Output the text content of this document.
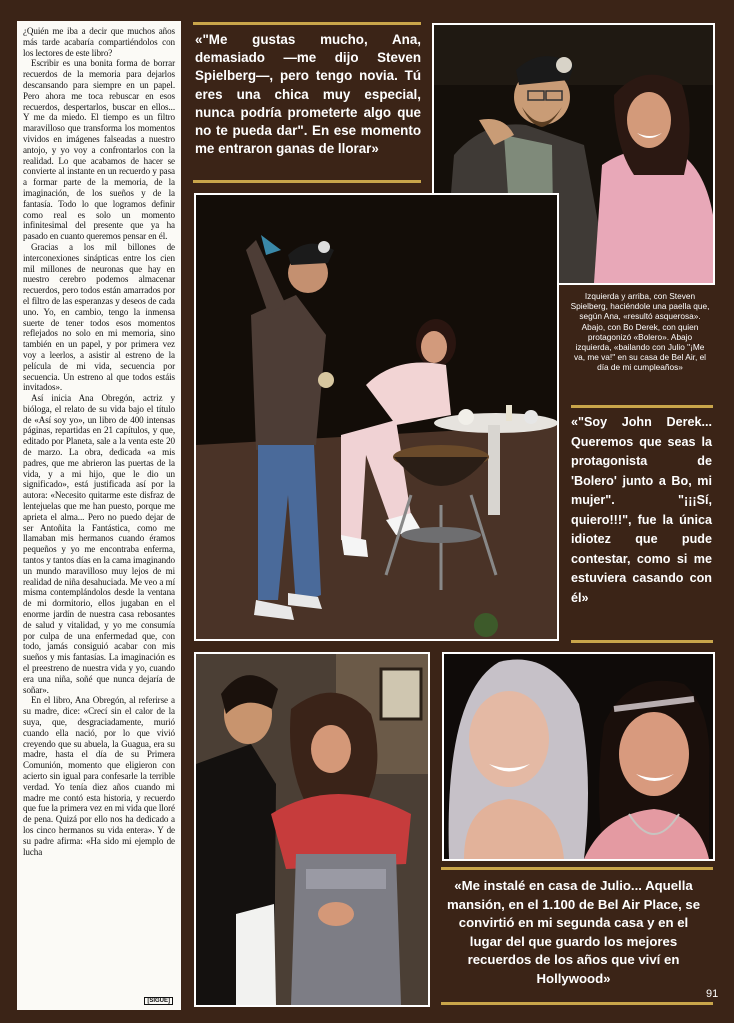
¿Quién me iba a decir que muchos años más tarde acabaría compartiéndolos con los lectores de este libro?

Escribir es una bonita forma de borrar recuerdos de la memoria para dejarlos descansando para siempre en un papel. Pero ahora me toca rebuscar en esos recuerdos, despertarlos, buscar en ellos... Y me da miedo. El tiempo es un filtro maravilloso que transforma los momentos vividos en imágenes falseadas a nuestro antojo, y yo voy a confrontarlos con la realidad. Lo que acabamos de hacer se convierte al instante en un recuerdo y pasa a formar parte de la memoria, de la imaginación, de los sueños y de la fantasía. Todo lo que logramos definir como real es solo un momento infinitesimal del presente que ya ha pasado en cuanto queremos pensar en él.

Gracias a los mil billones de interconexiones sinápticas entre los cien mil millones de neuronas que hay en nuestro cerebro podemos almacenar recuerdos, pero todos están amarrados por el filtro de las esperanzas y deseos de cada uno. Yo, en cambio, tengo la inmensa suerte de tener todos esos momentos reflejados no solo en mi memoria, sino también en un papel, y por primera vez voy a leerlos, a asistir al estreno de la película de mi vida, secuencia por secuencia. Un estreno al que todos estáis invitados».

Así inicia Ana Obregón, actriz y bióloga, el relato de su vida bajo el título de «Así soy yo», un libro de 400 intensas páginas, repartidas en 21 capítulos, y que, editado por Planeta, sale a la venta este 20 de marzo. La obra, dedicada «a mis padres, que me abrieron las puertas de la vida, y a mi hijo, que le dio un significado», está justificada así por la autora: «Necesito quitarme este disfraz de lentejuelas que me han puesto, porque me aprieta el alma... Pero no puedo dejar de ser Antoñita la Fantástica, como me llamaban mis hermanos cuando éramos pequeños y yo me encontraba enferma, tantos y tantos días en la cama imaginando un mundo maravilloso muy lejos de mi realidad de niña desahuciada. Me veo a mí misma contemplándolos desde la ventana de mi dormitorio, ellos jugaban en el enorme jardín de nuestra casa rebosantes de salud y vitalidad, y yo me consumía por culpa de una enfermedad que, con todo, jamás consiguió acabar con mis sueños y mis fantasías. La imaginación es el preestreno de nuestra vida y yo, cuando era una niña, soñé que nunca dejaría de soñar».

En el libro, Ana Obregón, al referirse a su madre, dice: «Crecí sin el calor de la suya, que, desgraciadamente, murió cuando ella nació, por lo que vivió creyendo que su abuela, la Guagua, era su madre, hasta el día de su Primera Comunión, momento que eligieron con acierto sin igual para confesarle la terrible verdad. Yo tenía diez años cuando mi madre me contó esta historia, y recuerdo que fue la primera vez en mi vida que lloré de pena. Quizá por ello nos ha dedicado a los cinco hermanos su vida entera». Y de su padre afirma: «Ha sido mi ejemplo de lucha

[SIGUE]
«"Me gustas mucho, Ana, demasiado —me dijo Steven Spielberg—, pero tengo novia. Tú eres una chica muy especial, nunca podría prometerte algo que no te pueda dar". En ese momento me entraron ganas de llorar»
Izquierda y arriba, con Steven Spielberg, haciéndole una paella que, según Ana, «resultó asquerosa». Abajo, con Bo Derek, con quien protagonizó «Bolero». Abajo izquierda, «bailando con Julio "¡Me va, me va!" en su casa de Bel Air, el día de mi cumpleaños»
«"Soy John Derek... Queremos que seas la protagonista de 'Bolero' junto a Bo, mi mujer". "¡¡¡Sí, quiero!!!", fue la única idiotez que pude contestar, como si me estuviera casando con él»
«Me instalé en casa de Julio... Aquella mansión, en el 1.100 de Bel Air Place, se convirtió en mi segunda casa y en el lugar del que guardo los mejores recuerdos de los años que viví en Hollywood»
91
